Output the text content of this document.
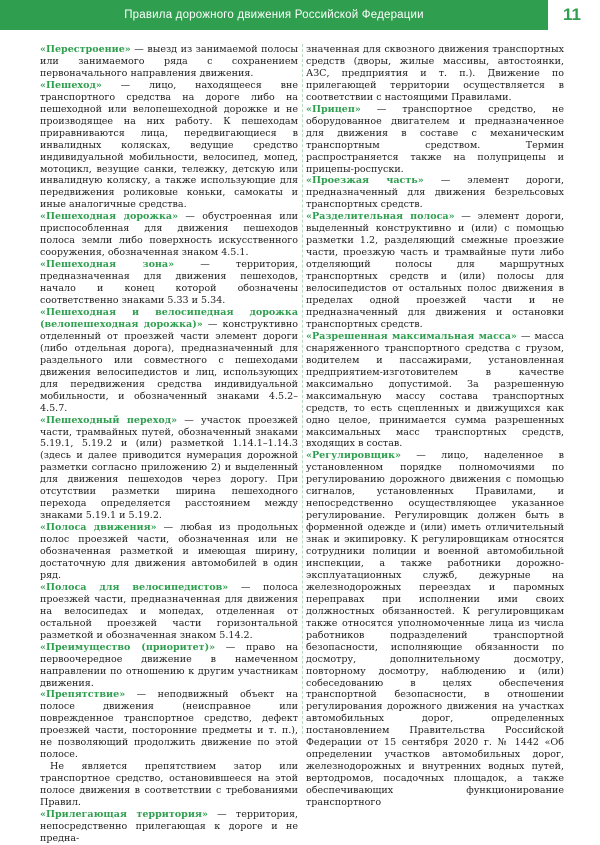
Правила дорожного движения Российской Федерации	11

«Перестроение» — выезд из занимаемой полосы или занимаемого ряда с сохранением первоначального направления движения.

«Пешеход» — лицо, находящееся вне транспортного средства на дороге либо на пешеходной или велопешеходной дорожке и не производящее на них работу. К пешеходам приравниваются лица, передвигающиеся в инвалидных колясках, ведущие средство индивидуальной мобильности, велосипед, мопед, мотоцикл, везущие санки, тележку, детскую или инвалидную коляску, а также использующие для передвижения роликовые коньки, самокаты и иные аналогичные средства.

«Пешеходная дорожка» — обустроенная или приспособленная для движения пешеходов полоса земли либо поверхность искусственного сооружения, обозначенная знаком 4.5.1.

«Пешеходная зона» — территория, предназначенная для движения пешеходов, начало и конец которой обозначены соответственно знаками 5.33 и 5.34.

«Пешеходная и велосипедная дорожка (велопешеходная дорожка)» — конструктивно отделенный от проезжей части элемент дороги (либо отдельная дорога), предназначенный для раздельного или совместного с пешеходами движения велосипедистов и лиц, использующих для передвижения средства индивидуальной мобильности, и обозначенный знаками 4.5.2–4.5.7.

«Пешеходный переход» — участок проезжей части, трамвайных путей, обозначенный знаками 5.19.1, 5.19.2 и (или) разметкой 1.14.1–1.14.3 (здесь и далее приводится нумерация дорожной разметки согласно приложению 2) и выделенный для движения пешеходов через дорогу. При отсутствии разметки ширина пешеходного перехода определяется расстоянием между знаками 5.19.1 и 5.19.2.

«Полоса движения» — любая из продольных полос проезжей части, обозначенная или не обозначенная разметкой и имеющая ширину, достаточную для движения автомобилей в один ряд.

«Полоса для велосипедистов» — полоса проезжей части, предназначенная для движения на велосипедах и мопедах, отделенная от остальной проезжей части горизонтальной разметкой и обозначенная знаком 5.14.2.

«Преимущество (приоритет)» — право на первоочередное движение в намеченном направлении по отношению к другим участникам движения.

«Препятствие» — неподвижный объект на полосе движения (неисправное или поврежденное транспортное средство, дефект проезжей части, посторонние предметы и т. п.), не позволяющий продолжить движение по этой полосе.

Не является препятствием затор или транспортное средство, остановившееся на этой полосе движения в соответствии с требованиями Правил.

«Прилегающая территория» — территория, непосредственно прилегающая к дороге и не предна-

значенная для сквозного движения транспортных средств (дворы, жилые массивы, автостоянки, АЗС, предприятия и т. п.). Движение по прилегающей территории осуществляется в соответствии с настоящими Правилами.

«Прицеп» — транспортное средство, не оборудованное двигателем и предназначенное для движения в составе с механическим транспортным средством. Термин распространяется также на полуприцепы и прицепы-роспуски.

«Проезжая часть» — элемент дороги, предназначенный для движения безрельсовых транспортных средств.

«Разделительная полоса» — элемент дороги, выделенный конструктивно и (или) с помощью разметки 1.2, разделяющий смежные проезжие части, проезжую часть и трамвайные пути либо отделяющий полосы для маршрутных транспортных средств и (или) полосы для велосипедистов от остальных полос движения в пределах одной проезжей части и не предназначенный для движения и остановки транспортных средств.

«Разрешенная максимальная масса» — масса снаряженного транспортного средства с грузом, водителем и пассажирами, установленная предприятием-изготовителем в качестве максимально допустимой. За разрешенную максимальную массу состава транспортных средств, то есть сцепленных и движущихся как одно целое, принимается сумма разрешенных максимальных масс транспортных средств, входящих в состав.

«Регулировщик» — лицо, наделенное в установленном порядке полномочиями по регулированию дорожного движения с помощью сигналов, установленных Правилами, и непосредственно осуществляющее указанное регулирование. Регулировщик должен быть в форменной одежде и (или) иметь отличительный знак и экипировку. К регулировщикам относятся сотрудники полиции и военной автомобильной инспекции, а также работники дорожно-эксплуатационных служб, дежурные на железнодорожных переездах и паромных переправах при исполнении ими своих должностных обязанностей. К регулировщикам также относятся уполномоченные лица из числа работников подразделений транспортной безопасности, исполняющие обязанности по досмотру, дополнительному досмотру, повторному досмотру, наблюдению и (или) собеседованию в целях обеспечения транспортной безопасности, в отношении регулирования дорожного движения на участках автомобильных дорог, определенных постановлением Правительства Российской Федерации от 15 сентября 2020 г. № 1442 «Об определении участков автомобильных дорог, железнодорожных и внутренних водных путей, вертодромов, посадочных площадок, а также обеспечивающих функционирование транспортного
